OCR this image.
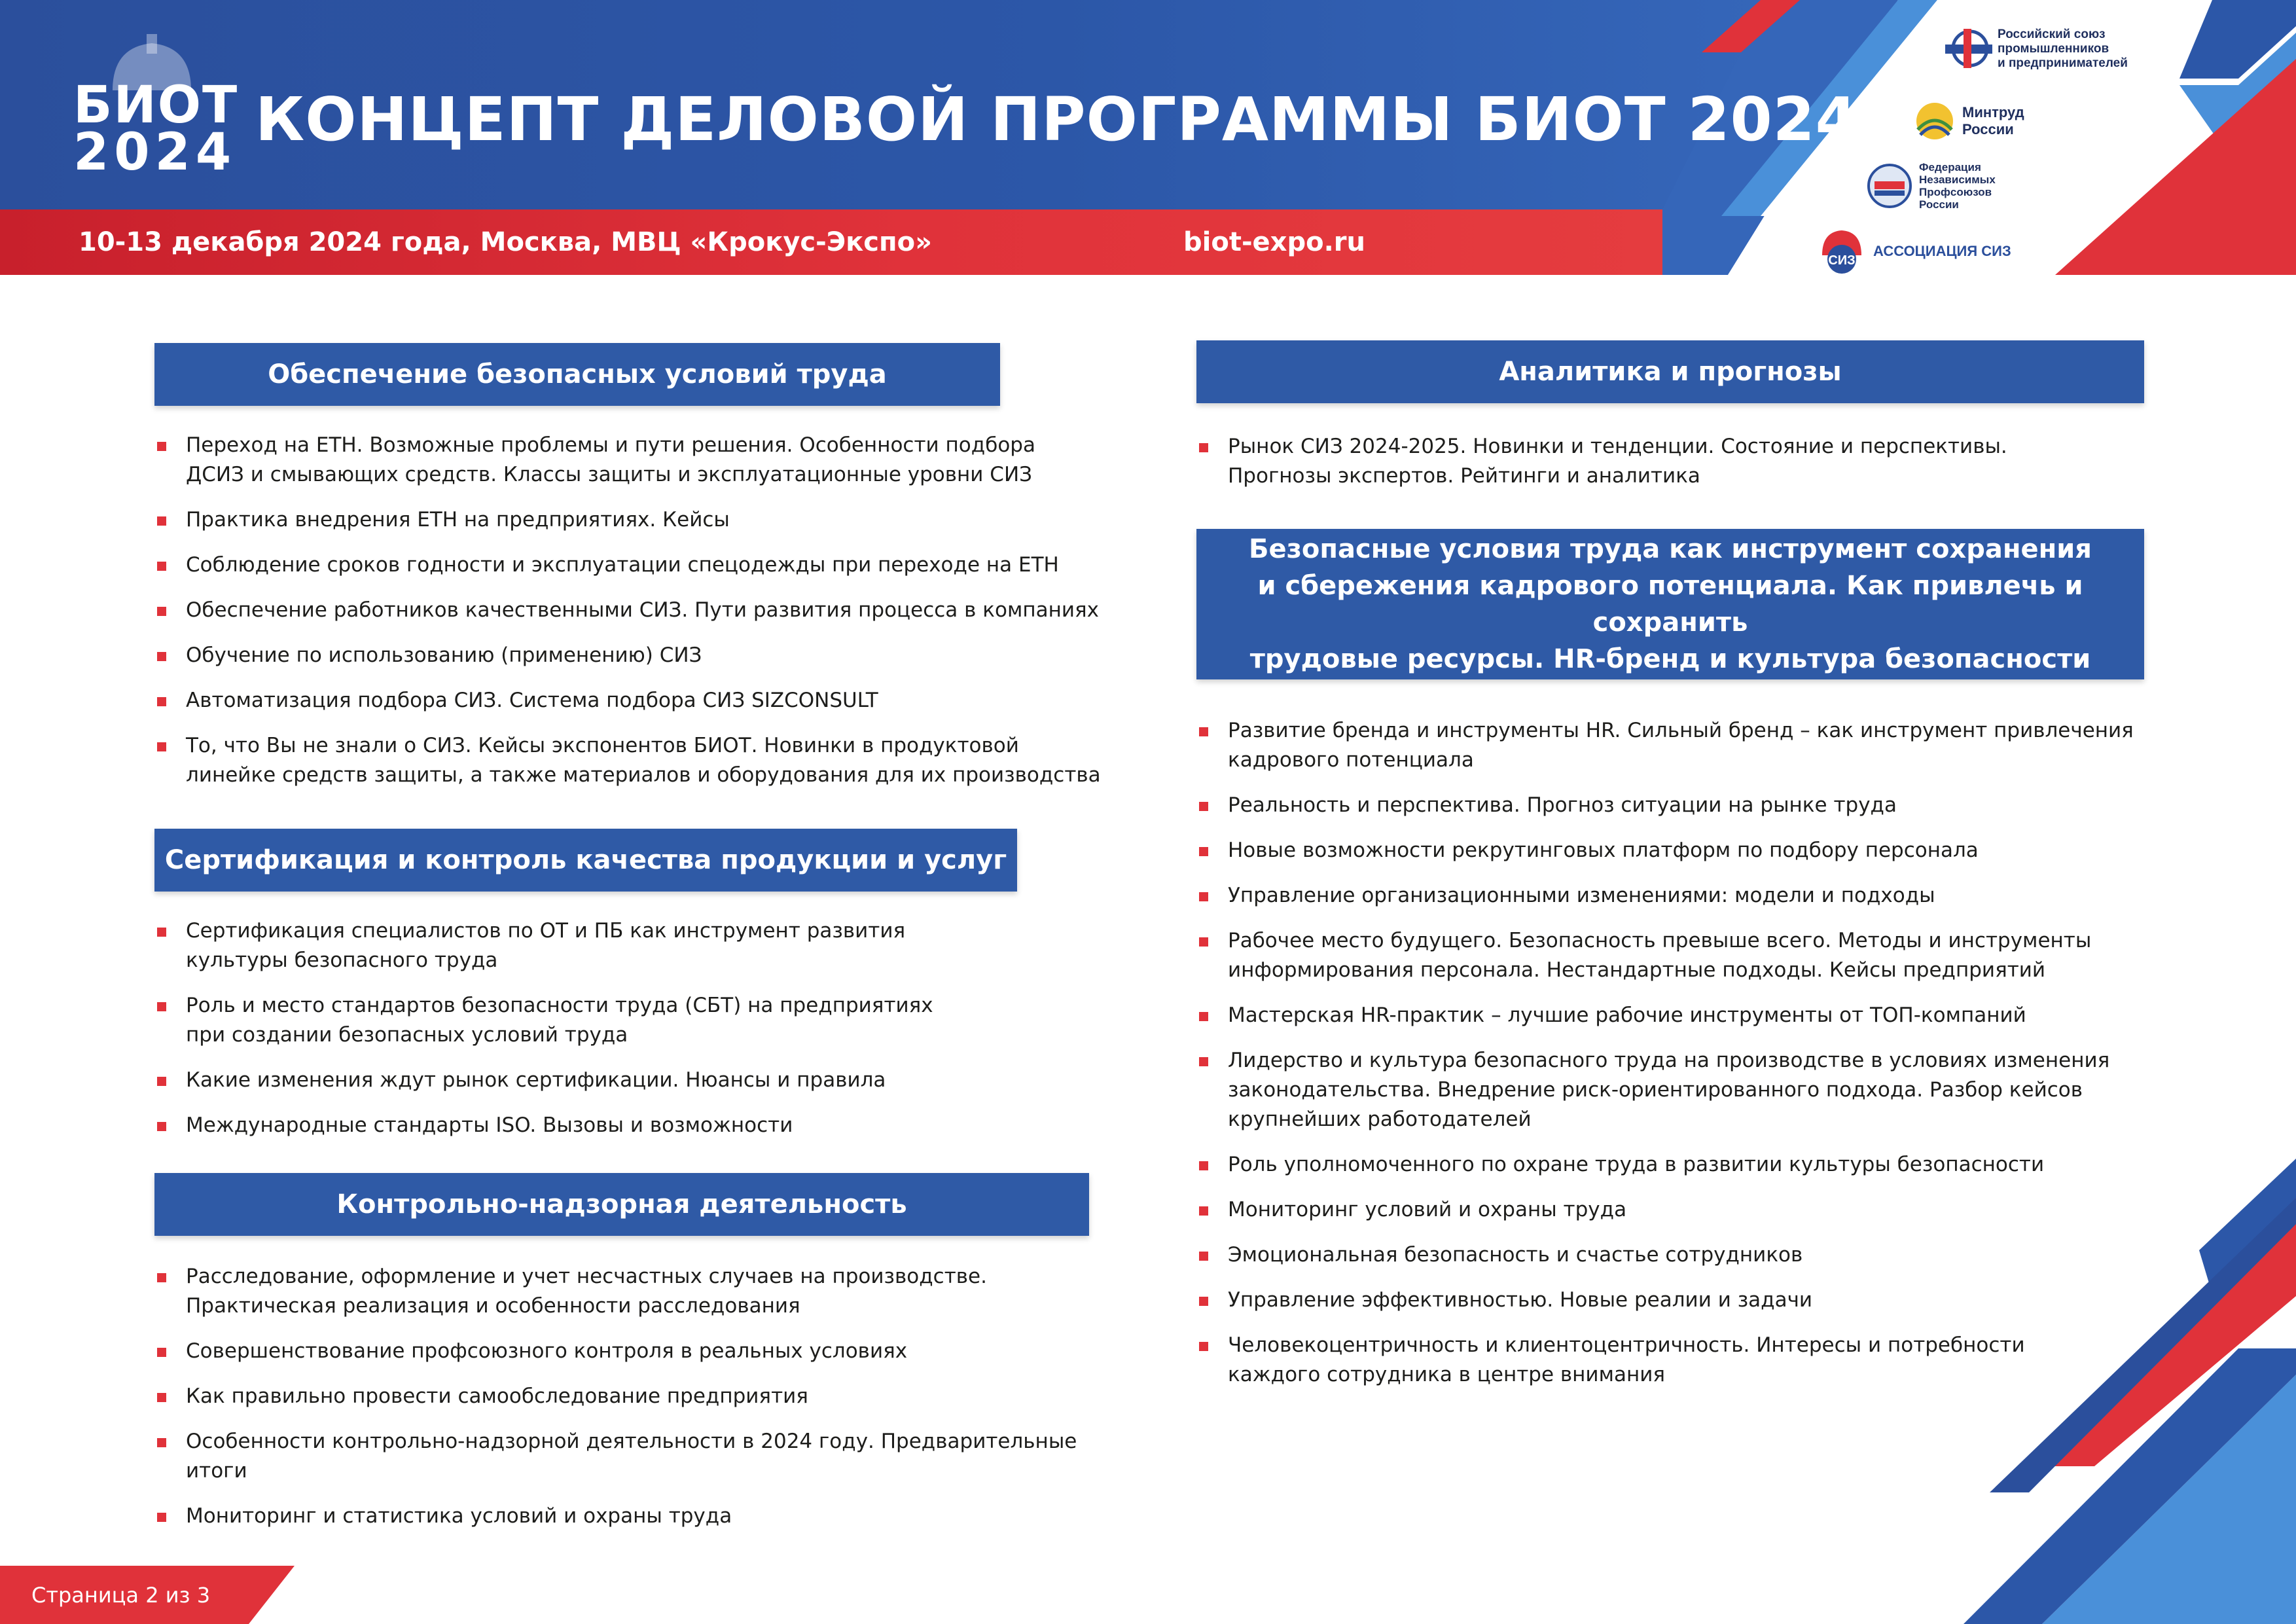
БИОТ
2024 КОНЦЕПТ ДЕЛОВОЙ ПРОГРАММЫ БИОТ 2024
10-13 декабря 2024 года, Москва, МВЦ «Крокус-Экспо»	biot-expo.ru
Российский союз
промышленников
и предпринимателей
Минтруд
России
Федерация
Независимых
Профсоюзов
России
СИЗ
АССОЦИАЦИЯ СИЗ
Обеспечение безопасных условий труда
Переход на ЕТН. Возможные проблемы и пути решения. Особенности подбора
ДСИЗ и смывающих средств. Классы защиты и эксплуатационные уровни СИЗ
Практика внедрения ЕТН на предприятиях. Кейсы
Соблюдение сроков годности и эксплуатации спецодежды при переходе на ЕТН
Обеспечение работников качественными СИЗ. Пути развития процесса в компаниях
Обучение по использованию (применению) СИЗ
Автоматизация подбора СИЗ. Система подбора СИЗ SIZCONSULT
То, что Вы не знали о СИЗ. Кейсы экспонентов БИОТ. Новинки в продуктовой
линейке средств защиты, а также материалов и оборудования для их производства
Сертификация и контроль качества продукции и услуг
Сертификация специалистов по ОТ и ПБ как инструмент развития
культуры безопасного труда
Роль и место стандартов безопасности труда (СБТ) на предприятиях
при создании безопасных условий труда
Какие изменения ждут рынок сертификации. Нюансы и правила
Международные стандарты ISO. Вызовы и возможности
Контрольно-надзорная деятельность
Расследование, оформление и учет несчастных случаев на производстве.
Практическая реализация и особенности расследования
Совершенствование профсоюзного контроля в реальных условиях
Как правильно провести самообследование предприятия
Особенности контрольно-надзорной деятельности в 2024 году. Предварительные итоги
Мониторинг и статистика условий и охраны труда
Аналитика и прогнозы
Рынок СИЗ 2024-2025. Новинки и тенденции. Состояние и перспективы.
Прогнозы экспертов. Рейтинги и аналитика
Безопасные условия труда как инструмент сохранения
и сбережения кадрового потенциала. Как привлечь и сохранить
трудовые ресурсы. HR-бренд и культура безопасности
Развитие бренда и инструменты HR. Сильный бренд – как инструмент привлечения
кадрового потенциала
Реальность и перспектива. Прогноз ситуации на рынке труда
Новые возможности рекрутинговых платформ по подбору персонала
Управление организационными изменениями: модели и подходы
Рабочее место будущего. Безопасность превыше всего. Методы и инструменты
информирования персонала. Нестандартные подходы. Кейсы предприятий
Мастерская HR-практик – лучшие рабочие инструменты от ТОП-компаний
Лидерство и культура безопасного труда на производстве в условиях изменения
законодательства. Внедрение риск-ориентированного подхода. Разбор кейсов
крупнейших работодателей
Роль уполномоченного по охране труда в развитии культуры безопасности
Мониторинг условий и охраны труда
Эмоциональная безопасность и счастье сотрудников
Управление эффективностью. Новые реалии и задачи
Человекоцентричность и клиентоцентричность. Интересы и потребности
каждого сотрудника в центре внимания
Страница 2 из 3
